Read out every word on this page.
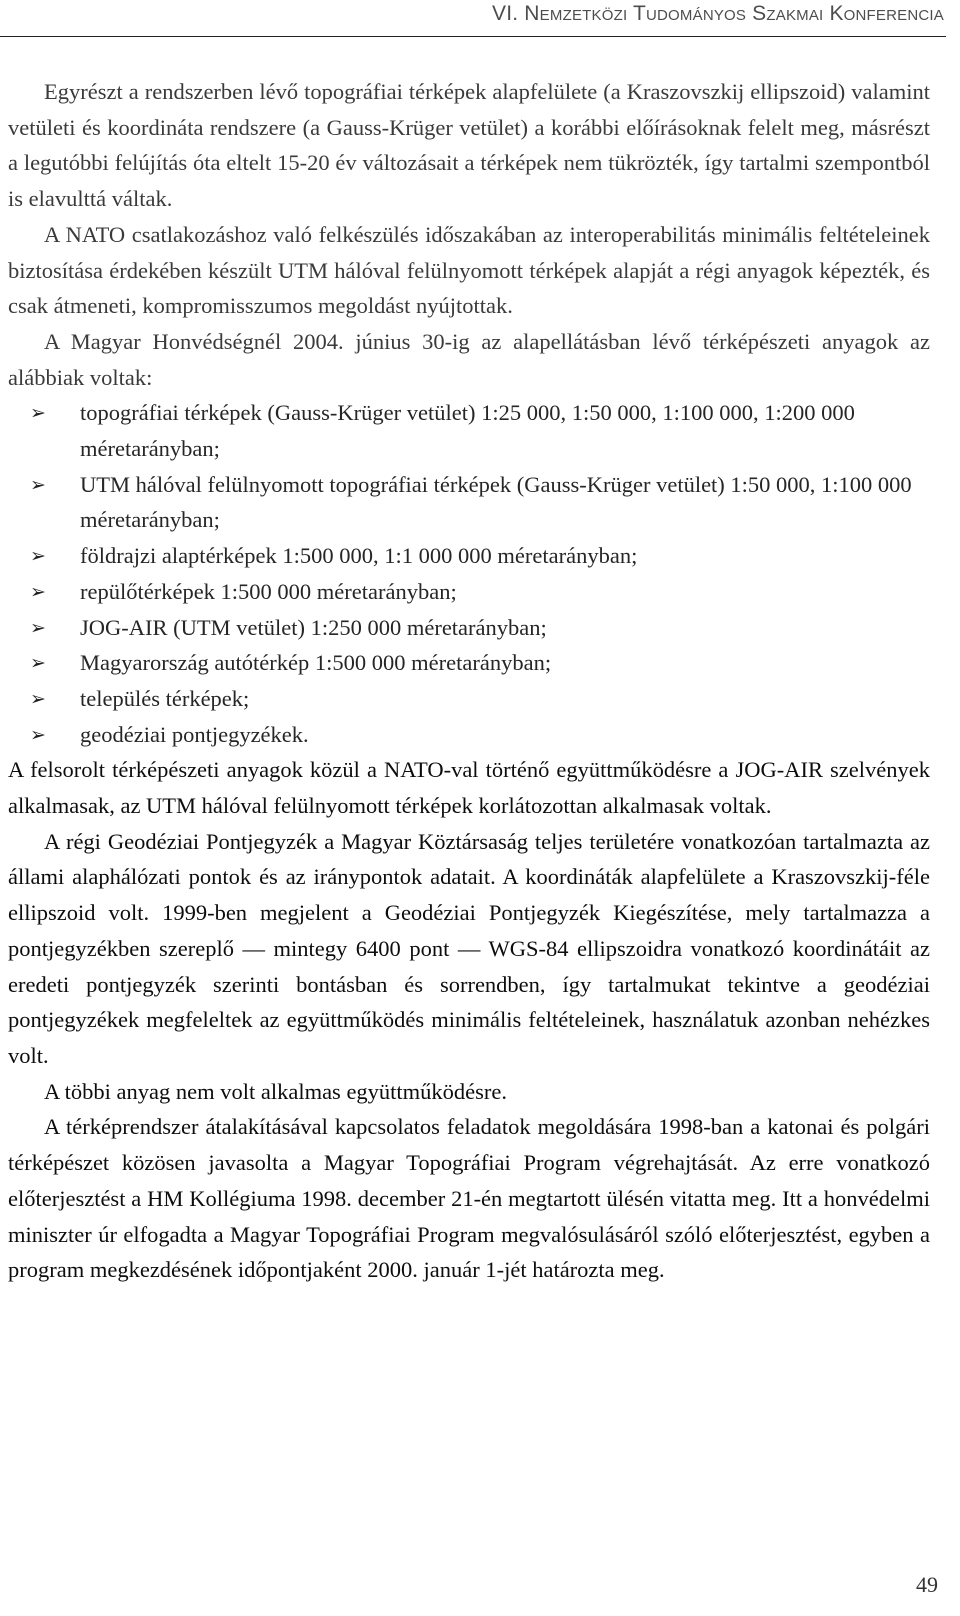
VI. Nemzetközi Tudományos Szakmai Konferencia

Egyrészt a rendszerben lévő topográfiai térképek alapfelülete (a Kraszovszkij ellipszoid) valamint vetületi és koordináta rendszere (a Gauss-Krüger vetület) a korábbi előírásoknak felelt meg, másrészt a legutóbbi felújítás óta eltelt 15-20 év változásait a térképek nem tükrözték, így tartalmi szempontból is elavulttá váltak.

A NATO csatlakozáshoz való felkészülés időszakában az interoperabilitás minimális feltételeinek biztosítása érdekében készült UTM hálóval felülnyomott térképek alapját a régi anyagok képezték, és csak átmeneti, kompromisszumos megoldást nyújtottak.

A Magyar Honvédségnél 2004. június 30-ig az alapellátásban lévő térképészeti anyagok az alábbiak voltak:

➢ topográfiai térképek (Gauss-Krüger vetület) 1:25 000, 1:50 000, 1:100 000, 1:200 000 méretarányban;
➢ UTM hálóval felülnyomott topográfiai térképek (Gauss-Krüger vetület) 1:50 000, 1:100 000 méretarányban;
➢ földrajzi alaptérképek 1:500 000, 1:1 000 000 méretarányban;
➢ repülőtérképek 1:500 000 méretarányban;
➢ JOG-AIR (UTM vetület) 1:250 000 méretarányban;
➢ Magyarország autótérkép 1:500 000 méretarányban;
➢ település térképek;
➢ geodéziai pontjegyzékek.

A felsorolt térképészeti anyagok közül a NATO-val történő együttműködésre a JOG-AIR szelvények alkalmasak, az UTM hálóval felülnyomott térképek korlátozottan alkalmasak voltak.

A régi Geodéziai Pontjegyzék a Magyar Köztársaság teljes területére vonatkozóan tartalmazta az állami alaphálózati pontok és az iránypontok adatait. A koordináták alapfelülete a Kraszovszkij-féle ellipszoid volt. 1999-ben megjelent a Geodéziai Pontjegyzék Kiegészítése, mely tartalmazza a pontjegyzékben szereplő — mintegy 6400 pont — WGS-84 ellipszoidra vonatkozó koordinátáit az eredeti pontjegyzék szerinti bontásban és sorrendben, így tartalmukat tekintve a geodéziai pontjegyzékek megfeleltek az együttműködés minimális feltételeinek, használatuk azonban nehézkes volt.

A többi anyag nem volt alkalmas együttműködésre.

A térképrendszer átalakításával kapcsolatos feladatok megoldására 1998-ban a katonai és polgári térképészet közösen javasolta a Magyar Topográfiai Program végrehajtását. Az erre vonatkozó előterjesztést a HM Kollégiuma 1998. december 21-én megtartott ülésén vitatta meg. Itt a honvédelmi miniszter úr elfogadta a Magyar Topográfiai Program megvalósulásáról szóló előterjesztést, egyben a program megkezdésének időpontjaként 2000. január 1-jét határozta meg.

49
